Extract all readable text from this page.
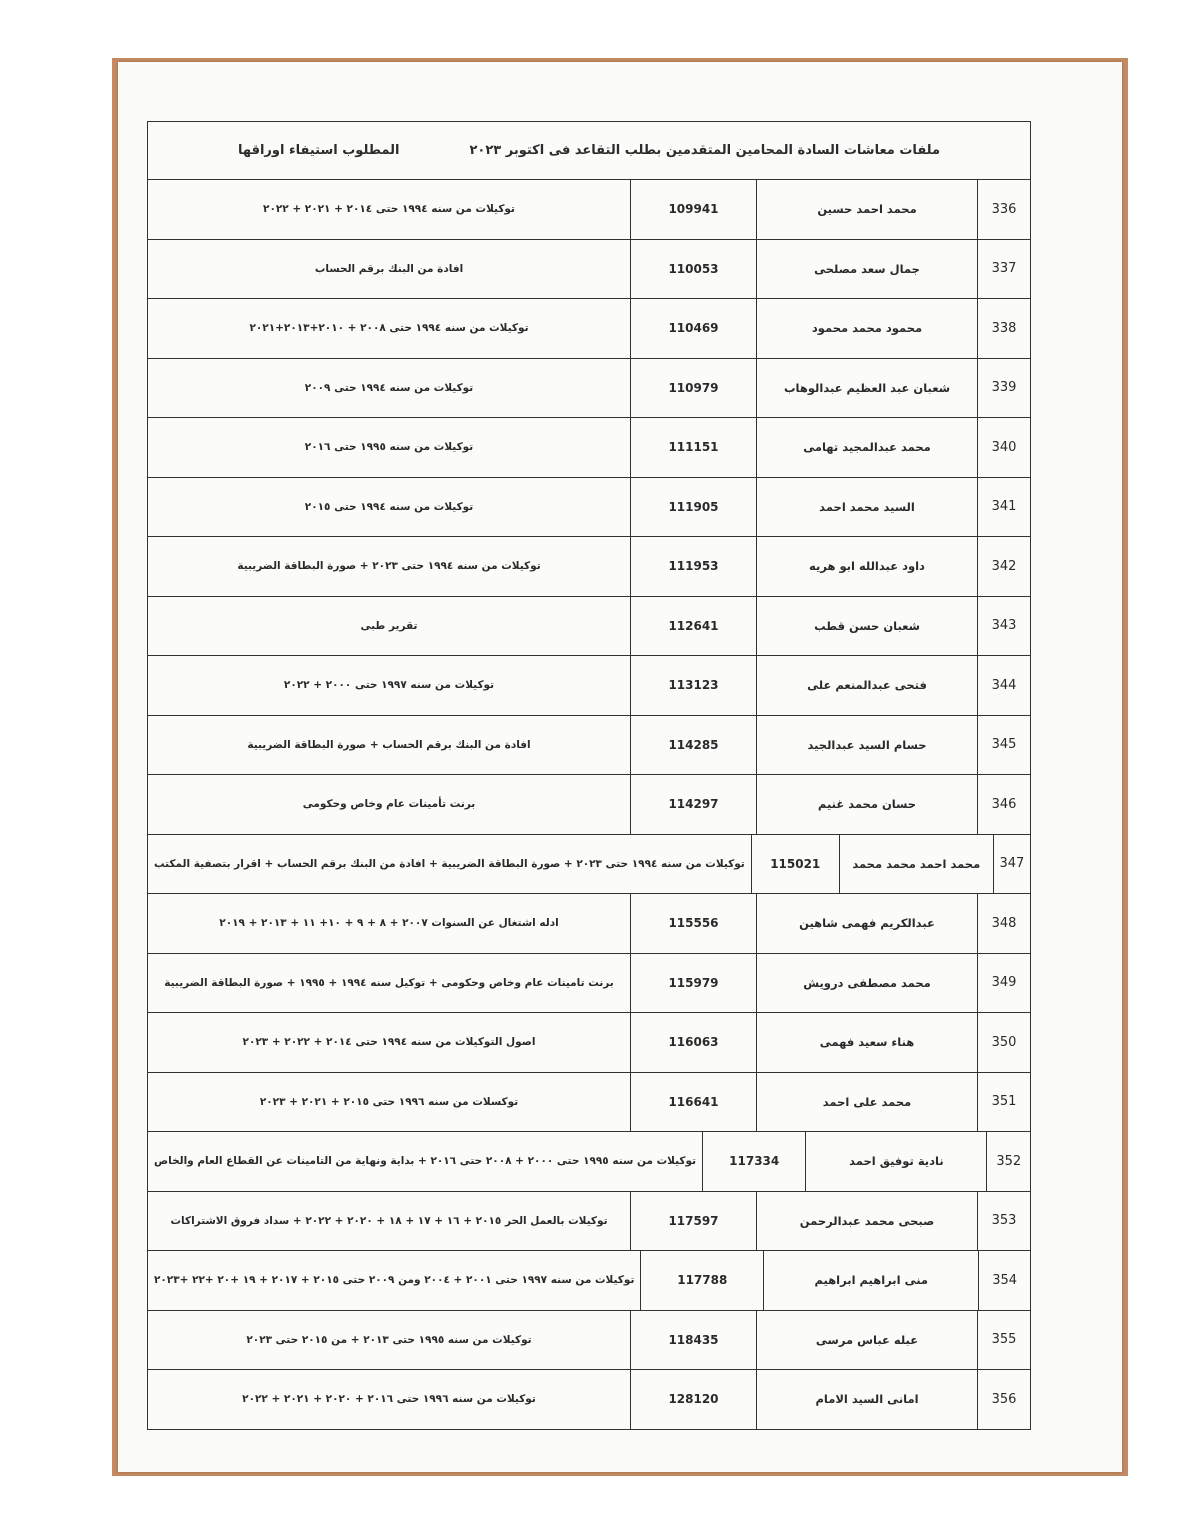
ملفات معاشات السادة المحامين المتقدمين بطلب التقاعد فى اكتوبر ٢٠٢٣
المطلوب استيفاء اوراقها
336
محمد احمد حسين
109941
توكيلات من سنه ١٩٩٤ حتى ٢٠١٤ + ٢٠٢١ + ٢٠٢٢
337
جمال سعد مصلحى
110053
افادة من البنك برقم الحساب
338
محمود محمد محمود
110469
توكيلات من سنه ١٩٩٤ حتى ٢٠٠٨ + ٢٠١٠+٢٠١٣+٢٠٢١
339
شعبان عبد العظيم عبدالوهاب
110979
توكيلات من سنه ١٩٩٤ حتى ٢٠٠٩
340
محمد عبدالمجيد تهامى
111151
توكيلات من سنه ١٩٩٥ حتى ٢٠١٦
341
السيد محمد احمد
111905
توكيلات من سنه ١٩٩٤ حتى ٢٠١٥
342
داود عبدالله ابو هريه
111953
توكيلات من سنه ١٩٩٤ حتى ٢٠٢٣ + صورة البطاقة الضريبية
343
شعبان حسن قطب
112641
تقرير طبى
344
فتحى عبدالمنعم على
113123
توكيلات من سنه ١٩٩٧ حتى ٢٠٠٠ + ٢٠٢٢
345
حسام السيد عبدالجيد
114285
افادة من البنك برقم الحساب + صورة البطاقة الضريبية
346
حسان محمد غنيم
114297
برنت تأمينات عام وخاص وحكومى
347
محمد احمد محمد محمد
115021
توكيلات من سنه ١٩٩٤ حتى ٢٠٢٣ + صورة البطاقة الضريبية + افادة من البنك برقم الحساب + اقرار بتصفية المكتب
348
عبدالكريم فهمى شاهين
115556
ادله اشتغال عن السنوات ٢٠٠٧ + ٨ + ٩ + ١٠+ ١١ + ٢٠١٣ + ٢٠١٩
349
محمد مصطفى درويش
115979
برنت تامينات عام وخاص وحكومى + توكيل سنه ١٩٩٤ + ١٩٩٥ + صورة البطاقة الضريبية
350
هناء سعيد فهمى
116063
اصول التوكيلات من سنه ١٩٩٤ حتى ٢٠١٤ + ٢٠٢٢ + ٢٠٢٣
351
محمد على احمد
116641
توكسلات من سنه ١٩٩٦ حتى ٢٠١٥ + ٢٠٢١ + ٢٠٢٣
352
نادية توفيق احمد
117334
توكيلات من سنه ١٩٩٥ حتى ٢٠٠٠ + ٢٠٠٨ حتى ٢٠١٦ + بداية ونهاية من التامينات عن القطاع العام والخاص
353
صبحى محمد عبدالرحمن
117597
توكيلات بالعمل الحر ٢٠١٥ + ١٦ + ١٧ + ١٨ + ٢٠٢٠ + ٢٠٢٢ + سداد فروق الاشتراكات
354
منى ابراهيم ابراهيم
117788
توكيلات من سنه ١٩٩٧ حتى ٢٠٠١ + ٢٠٠٤ ومن ٢٠٠٩ حتى ٢٠١٥ + ٢٠١٧ + ١٩ +٢٠ +٢٢ +٢٠٢٣
355
عبله عباس مرسى
118435
توكيلات من سنه ١٩٩٥ حتى ٢٠١٣ + من ٢٠١٥ حتى ٢٠٢٣
356
امانى السيد الامام
128120
توكيلات من سنه ١٩٩٦ حتى ٢٠١٦ + ٢٠٢٠ + ٢٠٢١ + ٢٠٢٢
